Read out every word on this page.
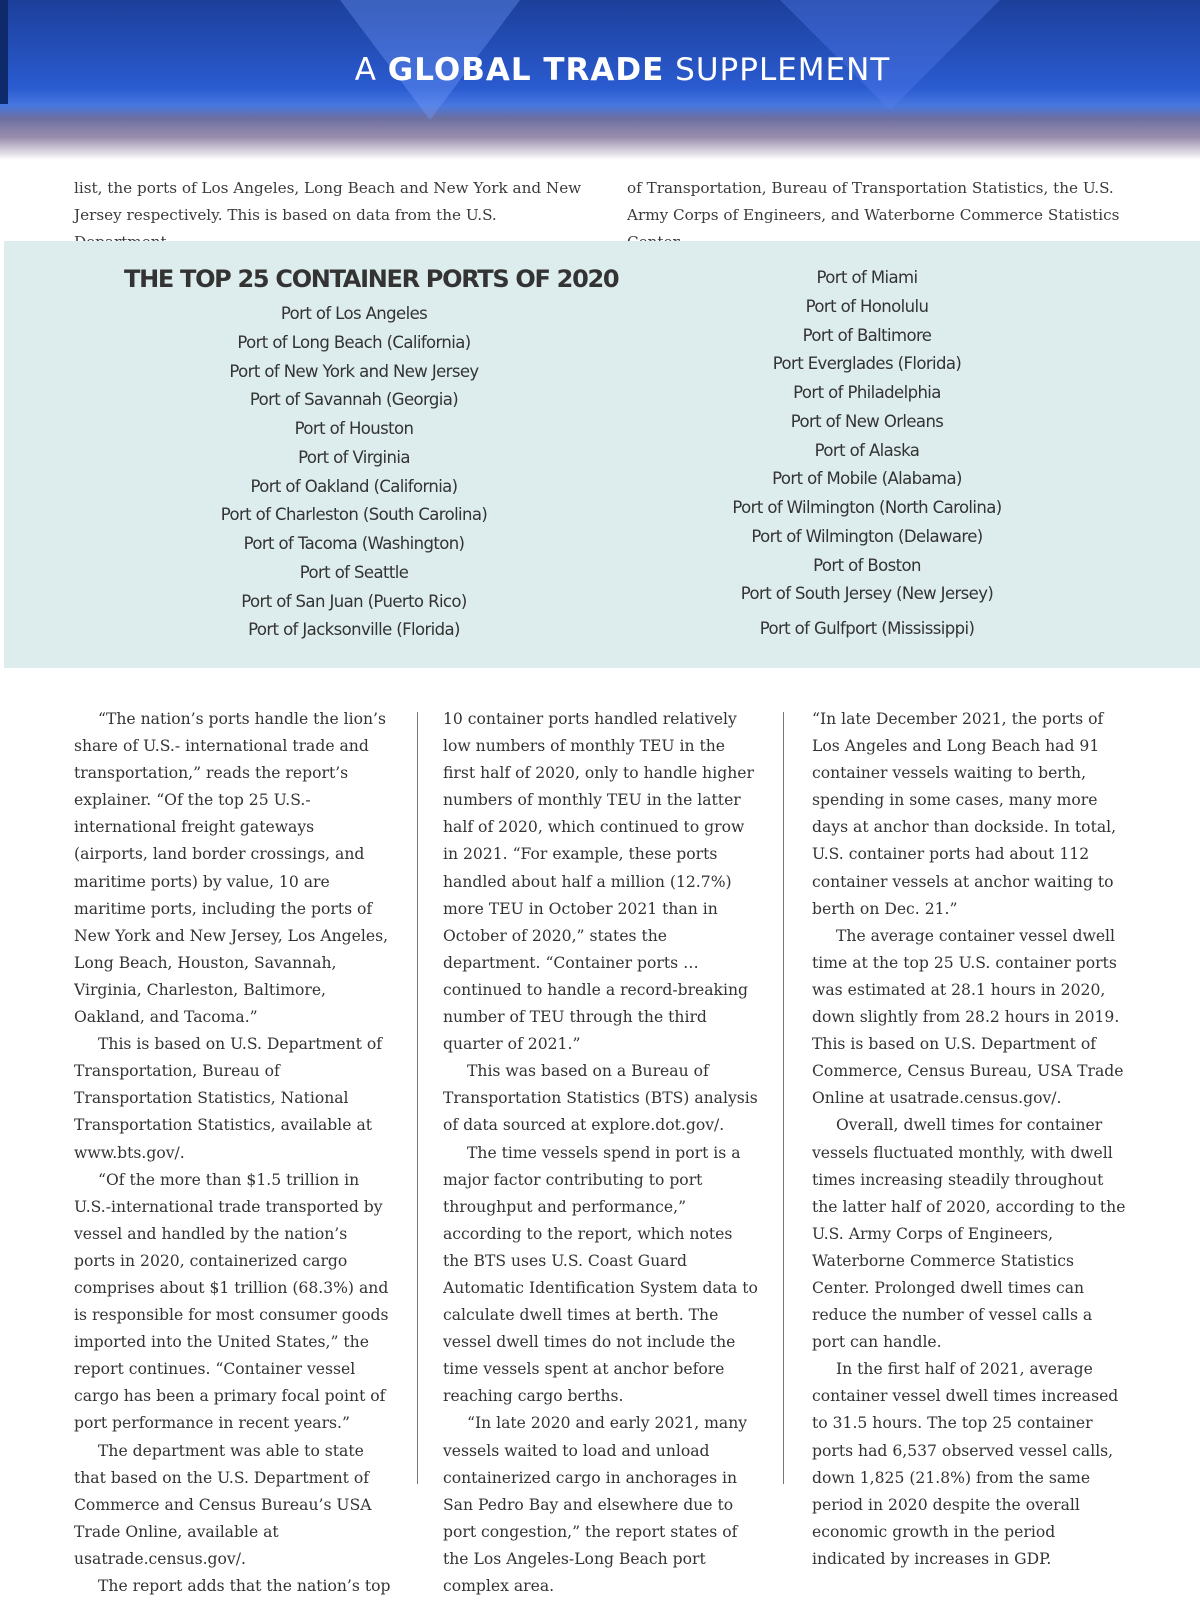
A GLOBAL TRADE SUPPLEMENT

list, the ports of Los Angeles, Long Beach and New York and New Jersey respectively. This is based on data from the U.S.

of Transportation, Bureau of Transportation Statistics, the U.S. Army Corps of Engineers, and Waterborne Commerce Statistics

THE TOP 25 CONTAINER PORTS OF 2020
Port of Los Angeles
Port of Long Beach (California)
Port of New York and New Jersey
Port of Savannah (Georgia)
Port of Houston
Port of Virginia
Port of Oakland (California)
Port of Charleston (South Carolina)
Port of Tacoma (Washington)
Port of Seattle
Port of San Juan (Puerto Rico)
Port of Jacksonville (Florida)
Port of Miami
Port of Honolulu
Port of Baltimore
Port Everglades (Florida)
Port of Philadelphia
Port of New Orleans
Port of Alaska
Port of Mobile (Alabama)
Port of Wilmington (North Carolina)
Port of Wilmington (Delaware)
Port of Boston
Port of South Jersey (New Jersey)
Port of Gulfport (Mississippi)

“The nation’s ports handle the lion’s share of U.S.- international trade and transportation,” reads the report’s explainer. “Of the top 25 U.S.-international freight gateways (airports, land border crossings, and maritime ports) by value, 10 are maritime ports, including the ports of New York and New Jersey, Los Angeles, Long Beach, Houston, Savannah, Virginia, Charleston, Baltimore, Oakland, and Tacoma.”

This is based on U.S. Department of Transportation, Bureau of Transportation Statistics, National Transportation Statistics, available at www.bts.gov/.

“Of the more than $1.5 trillion in U.S.-international trade transported by vessel and handled by the nation’s ports in 2020, containerized cargo comprises about $1 trillion (68.3%) and is responsible for most consumer goods imported into the United States,” the report continues. “Container vessel cargo has been a primary focal point of port performance in recent years.”

The department was able to state that based on the U.S. Department of Commerce and Census Bureau’s USA Trade Online, available at usatrade.census.gov/.

The report adds that the nation’s top

10 container ports handled relatively low numbers of monthly TEU in the first half of 2020, only to handle higher numbers of monthly TEU in the latter half of 2020, which continued to grow in 2021. “For example, these ports handled about half a million (12.7%) more TEU in October 2021 than in October of 2020,” states the department. “Container ports … continued to handle a record-breaking number of TEU through the third quarter of 2021.”

This was based on a Bureau of Transportation Statistics (BTS) analysis of data sourced at explore.dot.gov/.

The time vessels spend in port is a major factor contributing to port throughput and performance,” according to the report, which notes the BTS uses U.S. Coast Guard Automatic Identification System data to calculate dwell times at berth. The vessel dwell times do not include the time vessels spent at anchor before reaching cargo berths.

“In late 2020 and early 2021, many vessels waited to load and unload containerized cargo in anchorages in San Pedro Bay and elsewhere due to port congestion,” the report states of the Los Angeles-Long Beach port complex area.

“In late December 2021, the ports of Los Angeles and Long Beach had 91 container vessels waiting to berth, spending in some cases, many more days at anchor than dockside. In total, U.S. container ports had about 112 container vessels at anchor waiting to berth on Dec. 21.”

The average container vessel dwell time at the top 25 U.S. container ports was estimated at 28.1 hours in 2020, down slightly from 28.2 hours in 2019. This is based on U.S. Department of Commerce, Census Bureau, USA Trade Online at usatrade.census.gov/.

Overall, dwell times for container vessels fluctuated monthly, with dwell times increasing steadily throughout the latter half of 2020, according to the U.S. Army Corps of Engineers, Waterborne Commerce Statistics Center. Prolonged dwell times can reduce the number of vessel calls a port can handle.

In the first half of 2021, average container vessel dwell times increased to 31.5 hours. The top 25 container ports had 6,537 observed vessel calls, down 1,825 (21.8%) from the same period in 2020 despite the overall economic growth in the period indicated by increases in GDP.
